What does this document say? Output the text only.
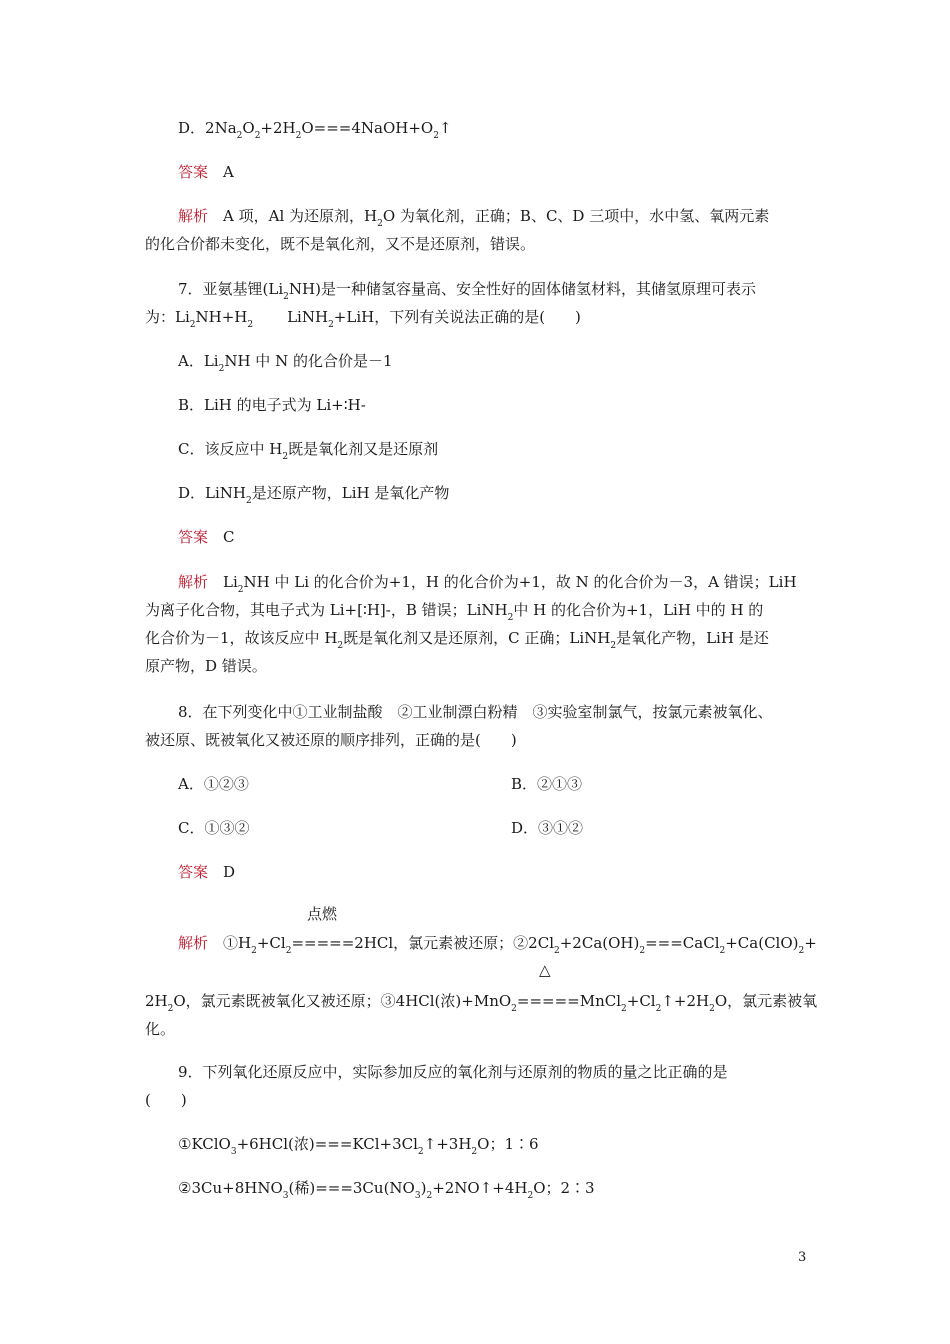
D．$2Na_2O_2+2H_2O===4NaOH+O_2↑$
答案　 A
解析　 A 项，Al 为还原剂，$H_2O$ 为氧化剂，正确；B、C、D 三项中，水中氢、氧两元素
的化合价都未变化，既不是氧化剂，又不是还原剂，错误。
7．亚氨基锂$(Li_2NH)$是一种储氢容量高、安全性好的固体储氢材料，其储氢原理可表示
为：$Li_2NH+H_2$ LiNH$_2$+LiH，下列有关说法正确的是(　　)
A．$Li_2NH$ 中 N 的化合价是－1
B．LiH 的电子式为 Li+∶H-
C．该反应中 $H_2$既是氧化剂又是还原剂
D．LiNH$_2$是还原产物，LiH 是氧化产物
答案　 C
解析　 $Li_2NH$ 中 Li 的化合价为+1，H 的化合价为+1，故 N 的化合价为－3，A 错误；LiH
为离子化合物，其电子式为 Li+[∶H]-，B 错误；LiNH$_2$中 H 的化合价为+1，LiH 中的 H 的
化合价为－1，故该反应中 $H_2$既是氧化剂又是还原剂，C 正确；LiNH$_2$是氧化产物，LiH 是还
原产物，D 错误。
8．在下列变化中①工业制盐酸　②工业制漂白粉精　③实验室制氯气，按氯元素被氧化、
被还原、既被氧化又被还原的顺序排列，正确的是(　　)
A．①②③	B．②①③
C．①③②	D．③①②
答案　 D
点燃
解析　 $①H_2+Cl_2=====2HCl$，氯元素被还原；$②2Cl_2+2Ca(OH)_2===CaCl_2+Ca(ClO)_2+$
△
$2H_2O$，氯元素既被氧化又被还原；③4HCl(浓)$+MnO_2=====MnCl_2+Cl_2↑+2H_2O$，氯元素被氧
化。
9．下列氧化还原反应中，实际参加反应的氧化剂与还原剂的物质的量之比正确的是
(　　)
①KClO$_3$+6HCl(浓)$===KCl+3Cl_2↑+3H_2O$；1∶6
$②3Cu+8HNO_3$(稀)$===3Cu(NO_3)_2+2NO↑+4H_2O$；2∶3
3
